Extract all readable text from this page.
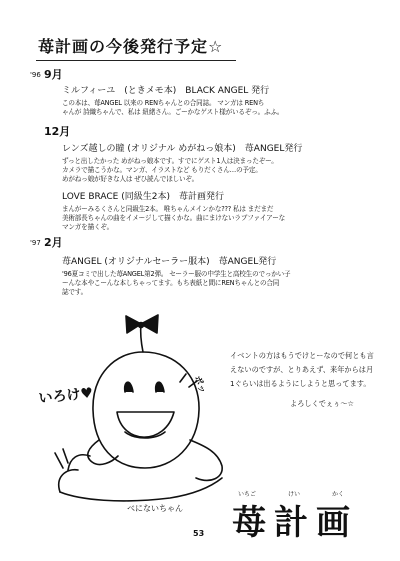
苺計画の今後発行予定☆
'96 9月
ミルフィーユ　(ときメモ本)　BLACK ANGEL 発行
この本は、苺ANGEL 以来の RENちゃんとの合同誌。 マンガは RENち
ゃんが 詩織ちゃんで、私は 紐緒さん。ごーかなゲスト様がいるぞっ。ふふ。
12月
レンズ越しの瞳 (オリジナル めがねっ娘本)　苺ANGEL発行
ずっと出したかった めがねっ娘本です。すでにゲスト1人は決まったぞー。
カメラで描こうかな。マンガ、イラストなど もりだくさん…の予定。
めがねっ娘が好きな人は ぜひ読んでほしいぞ。
LOVE BRACE (同級生2本)　苺計画発行
まんがーみるくさんと同級生2本。 唯ちゃんメインかな??? 私は まだまだ
美術部長ちゃんの曲をイメージして描くかな。曲にまけないラブファイアーな
マンガを描くぞ。
'97 2月
苺ANGEL (オリジナルセーラー服本)　苺ANGEL発行
'96夏コミで出した苺ANGEL第2弾。 セーラー服の中学生と高校生のでっかい子
ーんな本やこーんな本しちゃってます。もち表紙と間にRENちゃんとの合同
誌です。
イベントの方はもうでけとーなので何とも言
えないのですが、とりあえず、来年からは月
1ぐらいは出るようにしようと思ってます。
よろしくでぇぅ〜☆
いろけ♥
ポッ
べにないちゃん
いちご	けい	かく
苺計画
53
